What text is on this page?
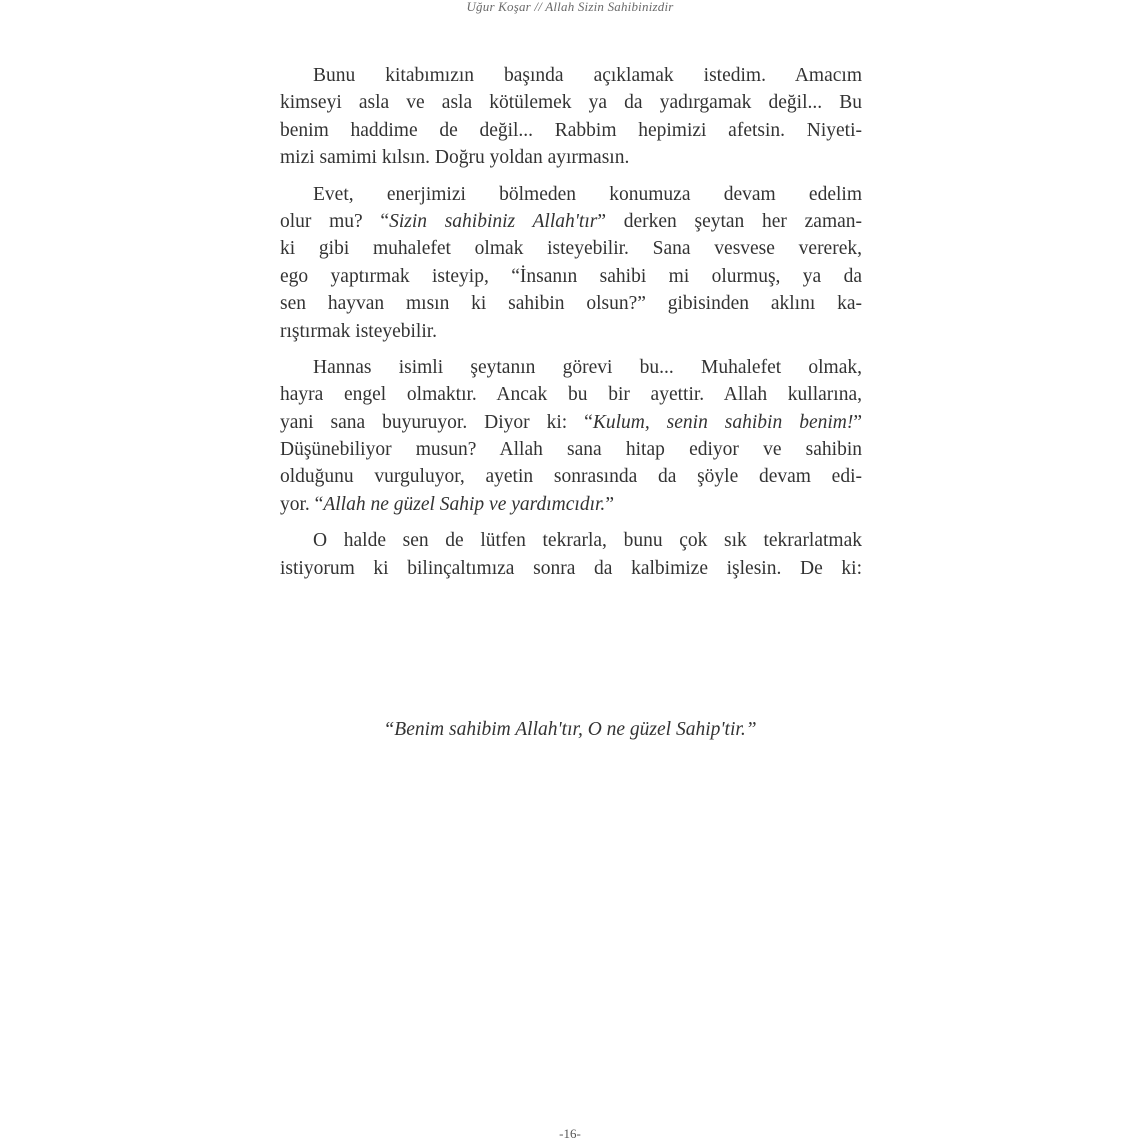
Uğur Koşar // Allah Sizin Sahibinizdir
Bunu kitabımızın başında açıklamak istedim. Amacım
kimseyi asla ve asla kötülemek ya da yadırgamak değil... Bu
benim haddime de değil... Rabbim hepimizi afetsin. Niyeti-
mizi samimi kılsın. Doğru yoldan ayırmasın.
Evet, enerjimizi bölmeden konumuza devam edelim
olur mu? “Sizin sahibiniz Allah'tır” derken şeytan her zaman-
ki gibi muhalefet olmak isteyebilir. Sana vesvese vererek,
ego yaptırmak isteyip, “İnsanın sahibi mi olurmuş, ya da
sen hayvan mısın ki sahibin olsun?” gibisinden aklını ka-
rıştırmak isteyebilir.
Hannas isimli şeytanın görevi bu... Muhalefet olmak,
hayra engel olmaktır. Ancak bu bir ayettir. Allah kullarına,
yani sana buyuruyor. Diyor ki: “Kulum, senin sahibin benim!”
Düşünebiliyor musun? Allah sana hitap ediyor ve sahibin
olduğunu vurguluyor, ayetin sonrasında da şöyle devam edi-
yor. “Allah ne güzel Sahip ve yardımcıdır.”
O halde sen de lütfen tekrarla, bunu çok sık tekrarlatmak
istiyorum ki bilinçaltımıza sonra da kalbimize işlesin. De ki:
“Benim sahibim Allah'tır, O ne güzel Sahip'tir.”
-16-
